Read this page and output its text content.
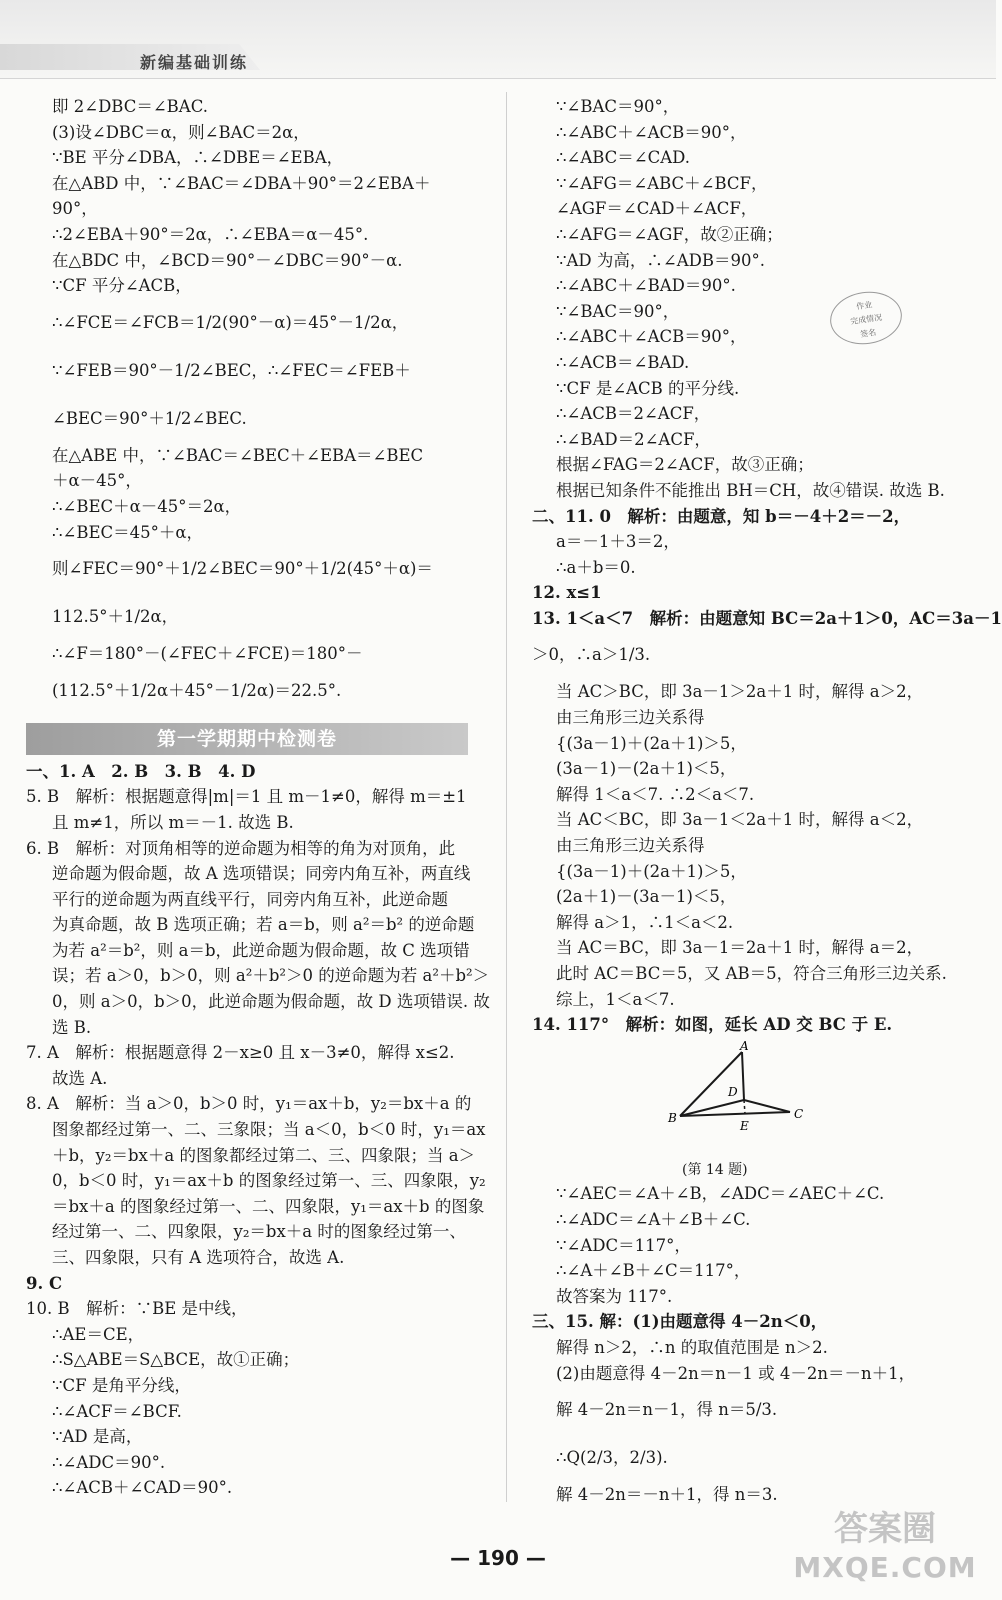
新编基础训练
即 2∠DBC＝∠BAC.
(3)设∠DBC＝α，则∠BAC＝2α，
∵BE 平分∠DBA，∴∠DBE＝∠EBA，
在△ABD 中，∵∠BAC＝∠DBA＋90°＝2∠EBA＋
90°，
∴2∠EBA＋90°＝2α，∴∠EBA＝α－45°.
在△BDC 中，∠BCD＝90°－∠DBC＝90°－α.
∵CF 平分∠ACB，
∴∠FCE＝∠FCB＝1/2(90°－α)＝45°－1/2α，
∵∠FEB＝90°－1/2∠BEC，∴∠FEC＝∠FEB＋
∠BEC＝90°＋1/2∠BEC.
在△ABE 中，∵∠BAC＝∠BEC＋∠EBA＝∠BEC
＋α－45°，
∴∠BEC＋α－45°＝2α，
∴∠BEC＝45°＋α，
则∠FEC＝90°＋1/2∠BEC＝90°＋1/2(45°＋α)＝
112.5°＋1/2α，
∴∠F＝180°－(∠FEC＋∠FCE)＝180°－
(112.5°＋1/2α＋45°－1/2α)＝22.5°.
第一学期期中检测卷
一、1. A　2. B　3. B　4. D
5. B　解析：根据题意得|m|＝1 且 m－1≠0，解得 m＝±1
且 m≠1，所以 m＝－1. 故选 B.
6. B　解析：对顶角相等的逆命题为相等的角为对顶角，此
逆命题为假命题，故 A 选项错误；同旁内角互补，两直线
平行的逆命题为两直线平行，同旁内角互补，此逆命题
为真命题，故 B 选项正确；若 a＝b，则 a²＝b² 的逆命题
为若 a²＝b²，则 a＝b，此逆命题为假命题，故 C 选项错
误；若 a＞0，b＞0，则 a²＋b²＞0 的逆命题为若 a²＋b²＞
0，则 a＞0，b＞0，此逆命题为假命题，故 D 选项错误. 故
选 B.
7. A　解析：根据题意得 2－x≥0 且 x－3≠0，解得 x≤2.
故选 A.
8. A　解析：当 a＞0，b＞0 时，y₁＝ax＋b，y₂＝bx＋a 的
图象都经过第一、二、三象限；当 a＜0，b＜0 时，y₁＝ax
＋b，y₂＝bx＋a 的图象都经过第二、三、四象限；当 a＞
0，b＜0 时，y₁＝ax＋b 的图象经过第一、三、四象限，y₂
＝bx＋a 的图象经过第一、二、四象限，y₁＝ax＋b 的图象
经过第一、二、四象限，y₂＝bx＋a 时的图象经过第一、三、四象限，只有 A 选项符合，故选 A.
9. C
10. B　解析：∵BE 是中线，
∴AE＝CE，
∴S△ABE＝S△BCE，故①正确；
∵CF 是角平分线，
∴∠ACF＝∠BCF.
∵AD 是高，
∴∠ADC＝90°.
∴∠ACB＋∠CAD＝90°.
∵∠BAC＝90°，
∴∠ABC＋∠ACB＝90°，
∴∠ABC＝∠CAD.
∵∠AFG＝∠ABC＋∠BCF，
∠AGF＝∠CAD＋∠ACF，
∴∠AFG＝∠AGF，故②正确；
∵AD 为高，∴∠ADB＝90°.
∴∠ABC＋∠BAD＝90°.
∵∠BAC＝90°，
∴∠ABC＋∠ACB＝90°，
∴∠ACB＝∠BAD.
∵CF 是∠ACB 的平分线.
∴∠ACB＝2∠ACF，
∴∠BAD＝2∠ACF，
根据∠FAG＝2∠ACF，故③正确；
根据已知条件不能推出 BH＝CH，故④错误. 故选 B.
二、11. 0　解析：由题意，知 b＝－4＋2＝－2，
a＝－1＋3＝2，
∴a＋b＝0.
12. x≤1
13. 1＜a＜7　解析：由题意知 BC＝2a＋1＞0，AC＝3a－1
＞0，∴a＞1/3.
当 AC＞BC，即 3a－1＞2a＋1 时，解得 a＞2，
由三角形三边关系得
{(3a－1)＋(2a＋1)＞5，
(3a－1)－(2a＋1)＜5，
解得 1＜a＜7. ∴2＜a＜7.
当 AC＜BC，即 3a－1＜2a＋1 时，解得 a＜2，
由三角形三边关系得
{(3a－1)＋(2a＋1)＞5，
(2a＋1)－(3a－1)＜5，
解得 a＞1，∴1＜a＜2.
当 AC＝BC，即 3a－1＝2a＋1 时，解得 a＝2，
此时 AC＝BC＝5，又 AB＝5，符合三角形三边关系.
综上，1＜a＜7.
14. 117°　解析：如图，延长 AD 交 BC 于 E.
A
B	C
D
E
(第 14 题)
∵∠AEC＝∠A＋∠B，∠ADC＝∠AEC＋∠C.
∴∠ADC＝∠A＋∠B＋∠C.
∵∠ADC＝117°，
∴∠A＋∠B＋∠C＝117°，
故答案为 117°.
三、15. 解：(1)由题意得 4－2n＜0，
解得 n＞2，∴n 的取值范围是 n＞2.
(2)由题意得 4－2n＝n－1 或 4－2n＝－n＋1，
解 4－2n＝n－1，得 n＝5/3.
∴Q(2/3，2/3).
解 4－2n＝－n＋1，得 n＝3.
作业
完成情况
签名
— 190 —
答案圈
MXQE.COM
